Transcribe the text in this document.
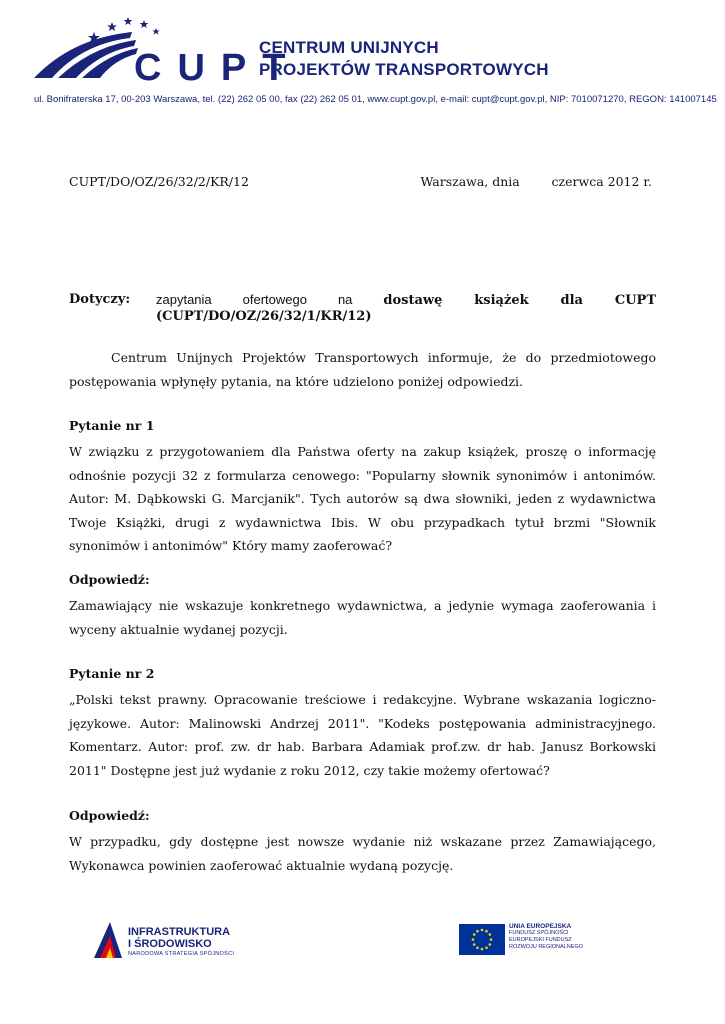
CUPT
CENTRUM UNIJNYCH
PROJEKTÓW TRANSPORTOWYCH
ul. Bonifraterska 17, 00-203 Warszawa, tel. (22) 262 05 00, fax (22) 262 05 01, www.cupt.gov.pl, e-mail: cupt@cupt.gov.pl, NIP: 7010071270, REGON: 141007145
CUPT/DO/OZ/26/32/2/KR/12	Warszawa, dnia        czerwca 2012 r.
Dotyczy: zapytania ofertowego na dostawę książek dla CUPT
(CUPT/DO/OZ/26/32/1/KR/12)
Centrum Unijnych Projektów Transportowych informuje, że do przedmiotowego postępowania wpłynęły pytania, na które udzielono poniżej odpowiedzi.
Pytanie nr 1
W związku z przygotowaniem dla Państwa oferty na zakup książek, proszę o informację odnośnie pozycji 32 z formularza cenowego: "Popularny słownik synonimów i antonimów. Autor: M. Dąbkowski G. Marcjanik". Tych autorów są dwa słowniki, jeden z wydawnictwa Twoje Książki, drugi z wydawnictwa Ibis. W obu przypadkach tytuł brzmi "Słownik synonimów i antonimów" Który mamy zaoferować?
Odpowiedź:
Zamawiający nie wskazuje konkretnego wydawnictwa, a jedynie wymaga zaoferowania i wyceny aktualnie wydanej pozycji.
Pytanie nr 2
„Polski tekst prawny. Opracowanie treściowe i redakcyjne. Wybrane wskazania logiczno-językowe. Autor: Malinowski Andrzej 2011". "Kodeks postępowania administracyjnego. Komentarz. Autor: prof. zw. dr hab. Barbara Adamiak prof.zw. dr hab. Janusz Borkowski 2011" Dostępne jest już wydanie z roku 2012, czy takie możemy ofertować?
Odpowiedź:
W przypadku, gdy dostępne jest nowsze wydanie niż wskazane przez Zamawiającego, Wykonawca powinien zaoferować aktualnie wydaną pozycję.
INFRASTRUKTURA
I ŚRODOWISKO
NARODOWA STRATEGIA SPÓJNOŚCI
UNIA EUROPEJSKA
FUNDUSZ SPÓJNOŚCI
EUROPEJSKI FUNDUSZ
ROZWOJU REGIONALNEGO
